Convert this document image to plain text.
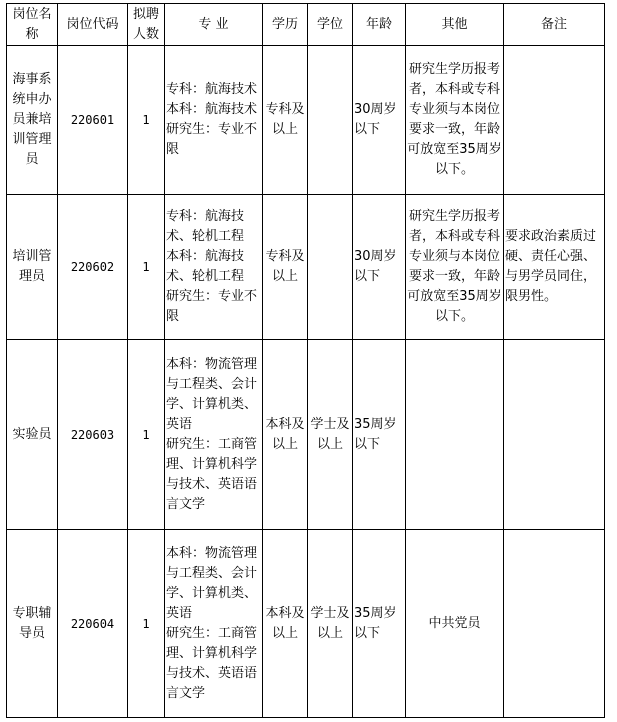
岗位名称	岗位代码	拟聘人数	专 业	学历	学位	年龄	其他	备注
海事系统申办员兼培训管理员	220601	1	专科：航海技术
本科：航海技术
研究生：专业不限	专科及以上		30周岁以下	研究生学历报考者，本科或专科专业须与本岗位要求一致，年龄可放宽至35周岁以下。	
培训管理员	220602	1	专科：航海技术、轮机工程
本科：航海技术、轮机工程
研究生：专业不限	专科及以上		30周岁以下	研究生学历报考者，本科或专科专业须与本岗位要求一致，年龄可放宽至35周岁以下。	要求政治素质过硬、责任心强、与男学员同住，限男性。
实验员	220603	1	本科：物流管理与工程类、会计学、计算机类、英语
研究生：工商管理、计算机科学与技术、英语语言文学	本科及以上	学士及以上	35周岁以下		
专职辅导员	220604	1	本科：物流管理与工程类、会计学、计算机类、英语
研究生：工商管理、计算机科学与技术、英语语言文学	本科及以上	学士及以上	35周岁以下	中共党员	
